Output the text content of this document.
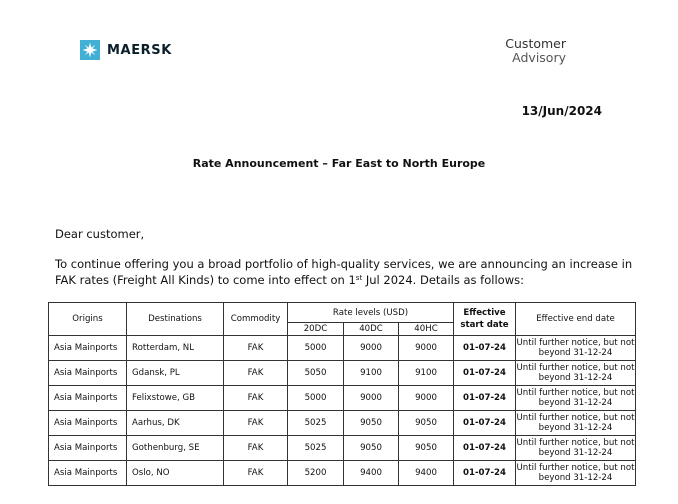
MAERSK	Customer
Advisory
13/Jun/2024
Rate Announcement – Far East to North Europe
Dear customer,
To continue offering you a broad portfolio of high-quality services, we are announcing an increase in FAK rates (Freight All Kinds) to come into effect on 1st Jul 2024. Details as follows:
Origins	Destinations	Commodity	Rate levels (USD)			Effective start date	Effective end date
			20DC	40DC	40HC		
Asia Mainports	Rotterdam, NL	FAK	5000	9000	9000	01-07-24	Until further notice, but not beyond 31-12-24
Asia Mainports	Gdansk, PL	FAK	5050	9100	9100	01-07-24	Until further notice, but not beyond 31-12-24
Asia Mainports	Felixstowe, GB	FAK	5000	9000	9000	01-07-24	Until further notice, but not beyond 31-12-24
Asia Mainports	Aarhus, DK	FAK	5025	9050	9050	01-07-24	Until further notice, but not beyond 31-12-24
Asia Mainports	Gothenburg, SE	FAK	5025	9050	9050	01-07-24	Until further notice, but not beyond 31-12-24
Asia Mainports	Oslo, NO	FAK	5200	9400	9400	01-07-24	Until further notice, but not beyond 31-12-24
